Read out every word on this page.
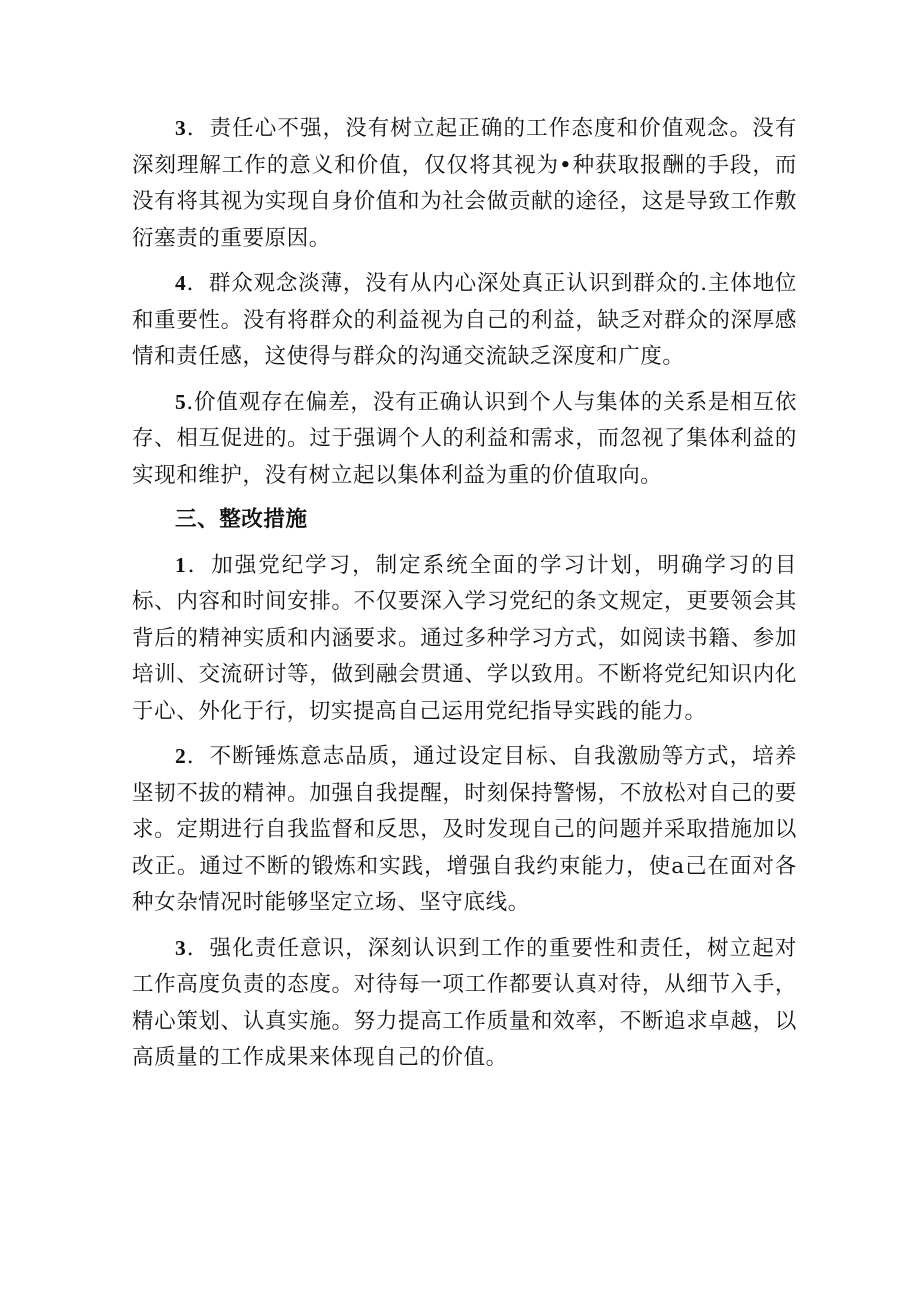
3．责任心不强，没有树立起正确的工作态度和价值观念。没有深刻理解工作的意义和价值，仅仅将其视为•种获取报酬的手段，而没有将其视为实现自身价值和为社会做贡献的途径，这是导致工作敷衍塞责的重要原因。

4．群众观念淡薄，没有从内心深处真正认识到群众的.主体地位和重要性。没有将群众的利益视为自己的利益，缺乏对群众的深厚感情和责任感，这使得与群众的沟通交流缺乏深度和广度。

5.价值观存在偏差，没有正确认识到个人与集体的关系是相互依存、相互促进的。过于强调个人的利益和需求，而忽视了集体利益的实现和维护，没有树立起以集体利益为重的价值取向。

三、整改措施

1．加强党纪学习，制定系统全面的学习计划，明确学习的目标、内容和时间安排。不仅要深入学习党纪的条文规定，更要领会其背后的精神实质和内涵要求。通过多种学习方式，如阅读书籍、参加培训、交流研讨等，做到融会贯通、学以致用。不断将党纪知识内化于心、外化于行，切实提高自己运用党纪指导实践的能力。

2．不断锤炼意志品质，通过设定目标、自我激励等方式，培养坚韧不拔的精神。加强自我提醒，时刻保持警惕，不放松对自己的要求。定期进行自我监督和反思，及时发现自己的问题并采取措施加以改正。通过不断的锻炼和实践，增强自我约束能力，使a己在面对各种女杂情况时能够坚定立场、坚守底线。

3．强化责任意识，深刻认识到工作的重要性和责任，树立起对工作高度负责的态度。对待每一项工作都要认真对待，从细节入手，精心策划、认真实施。努力提高工作质量和效率，不断追求卓越，以高质量的工作成果来体现自己的价值。
